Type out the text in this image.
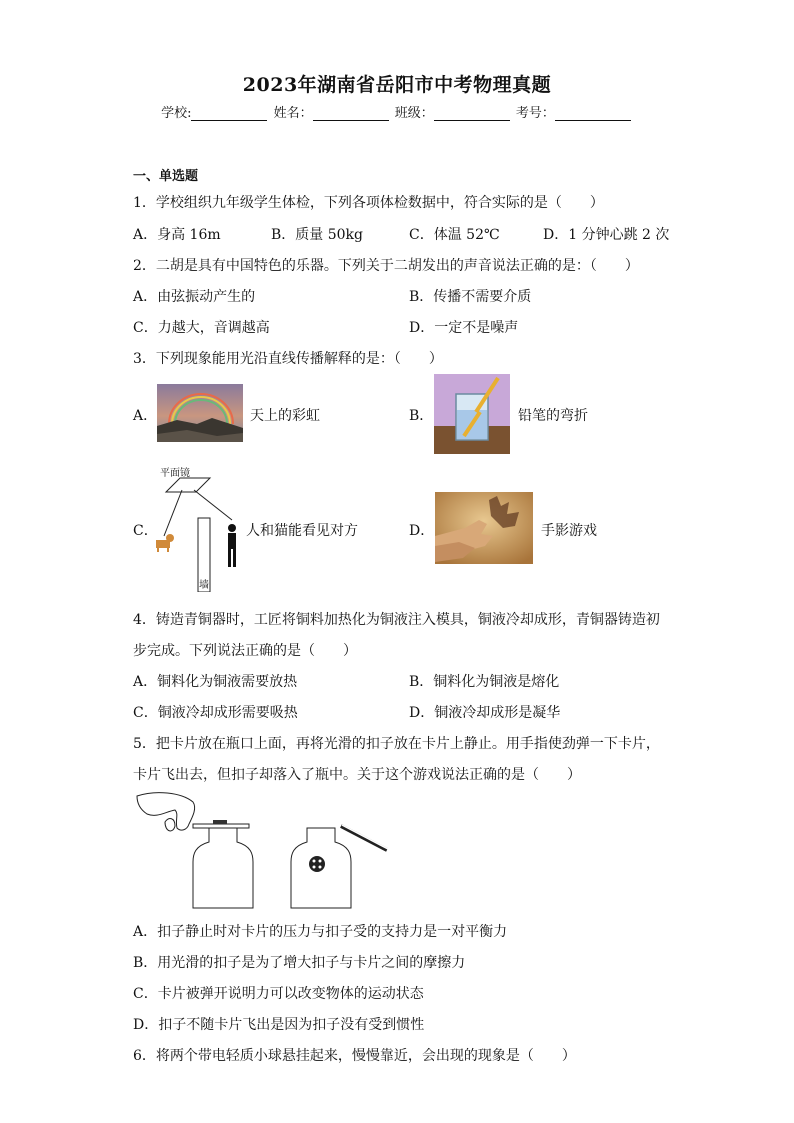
2023年湖南省岳阳市中考物理真题
学校:	姓名：	班级：	考号：
一、单选题
1．学校组织九年级学生体检，下列各项体检数据中，符合实际的是（　　）
A．身高 16m	B．质量 50kg	C．体温 52℃	D．1 分钟心跳 2 次
2．二胡是具有中国特色的乐器。下列关于二胡发出的声音说法正确的是：（　　）
A．由弦振动产生的	B．传播不需要介质
C．力越大，音调越高	D．一定不是噪声
3．下列现象能用光沿直线传播解释的是：（　　）
A．	天上的彩虹	B．	铅笔的弯折
C．
平面镜
墙
人和猫能看见对方	D．	手影游戏
4．铸造青铜器时，工匠将铜料加热化为铜液注入模具，铜液冷却成形，青铜器铸造初
步完成。下列说法正确的是（　　）
A．铜料化为铜液需要放热	B．铜料化为铜液是熔化
C．铜液冷却成形需要吸热	D．铜液冷却成形是凝华
5．把卡片放在瓶口上面，再将光滑的扣子放在卡片上静止。用手指使劲弹一下卡片，
卡片飞出去，但扣子却落入了瓶中。关于这个游戏说法正确的是（　　）
A．扣子静止时对卡片的压力与扣子受的支持力是一对平衡力
B．用光滑的扣子是为了增大扣子与卡片之间的摩擦力
C．卡片被弹开说明力可以改变物体的运动状态
D．扣子不随卡片飞出是因为扣子没有受到惯性
6．将两个带电轻质小球悬挂起来，慢慢靠近，会出现的现象是（　　）
